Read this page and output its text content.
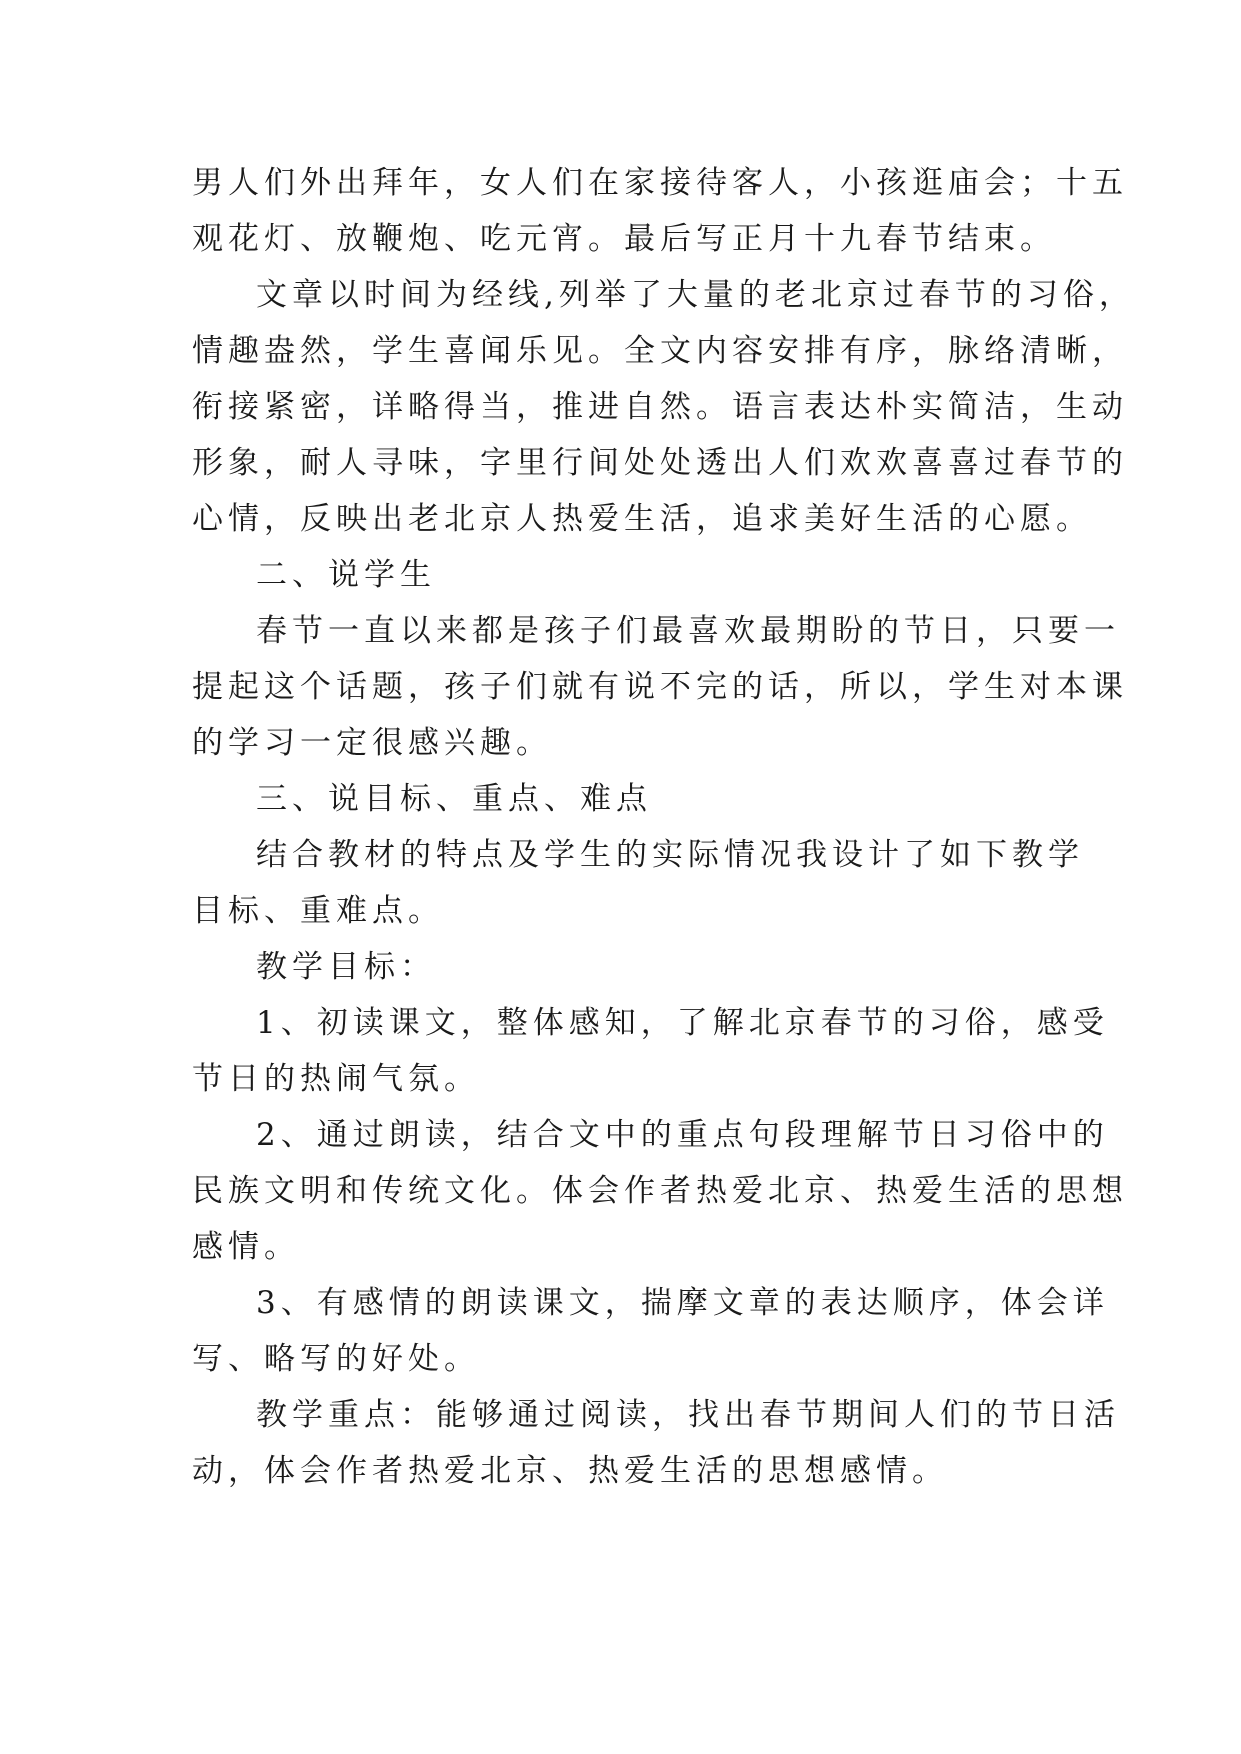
男人们外出拜年，女人们在家接待客人，小孩逛庙会；十五
观花灯、放鞭炮、吃元宵。最后写正月十九春节结束。
文章以时间为经线,列举了大量的老北京过春节的习俗，
情趣盎然，学生喜闻乐见。全文内容安排有序，脉络清晰，
衔接紧密，详略得当，推进自然。语言表达朴实简洁，生动
形象，耐人寻味，字里行间处处透出人们欢欢喜喜过春节的
心情，反映出老北京人热爱生活，追求美好生活的心愿。
二、说学生
春节一直以来都是孩子们最喜欢最期盼的节日，只要一
提起这个话题，孩子们就有说不完的话，所以，学生对本课
的学习一定很感兴趣。
三、说目标、重点、难点
结合教材的特点及学生的实际情况我设计了如下教学
目标、重难点。
教学目标：
1、初读课文，整体感知，了解北京春节的习俗，感受
节日的热闹气氛。
2、通过朗读，结合文中的重点句段理解节日习俗中的
民族文明和传统文化。体会作者热爱北京、热爱生活的思想
感情。
3、有感情的朗读课文，揣摩文章的表达顺序，体会详
写、略写的好处。
教学重点：能够通过阅读，找出春节期间人们的节日活
动，体会作者热爱北京、热爱生活的思想感情。
